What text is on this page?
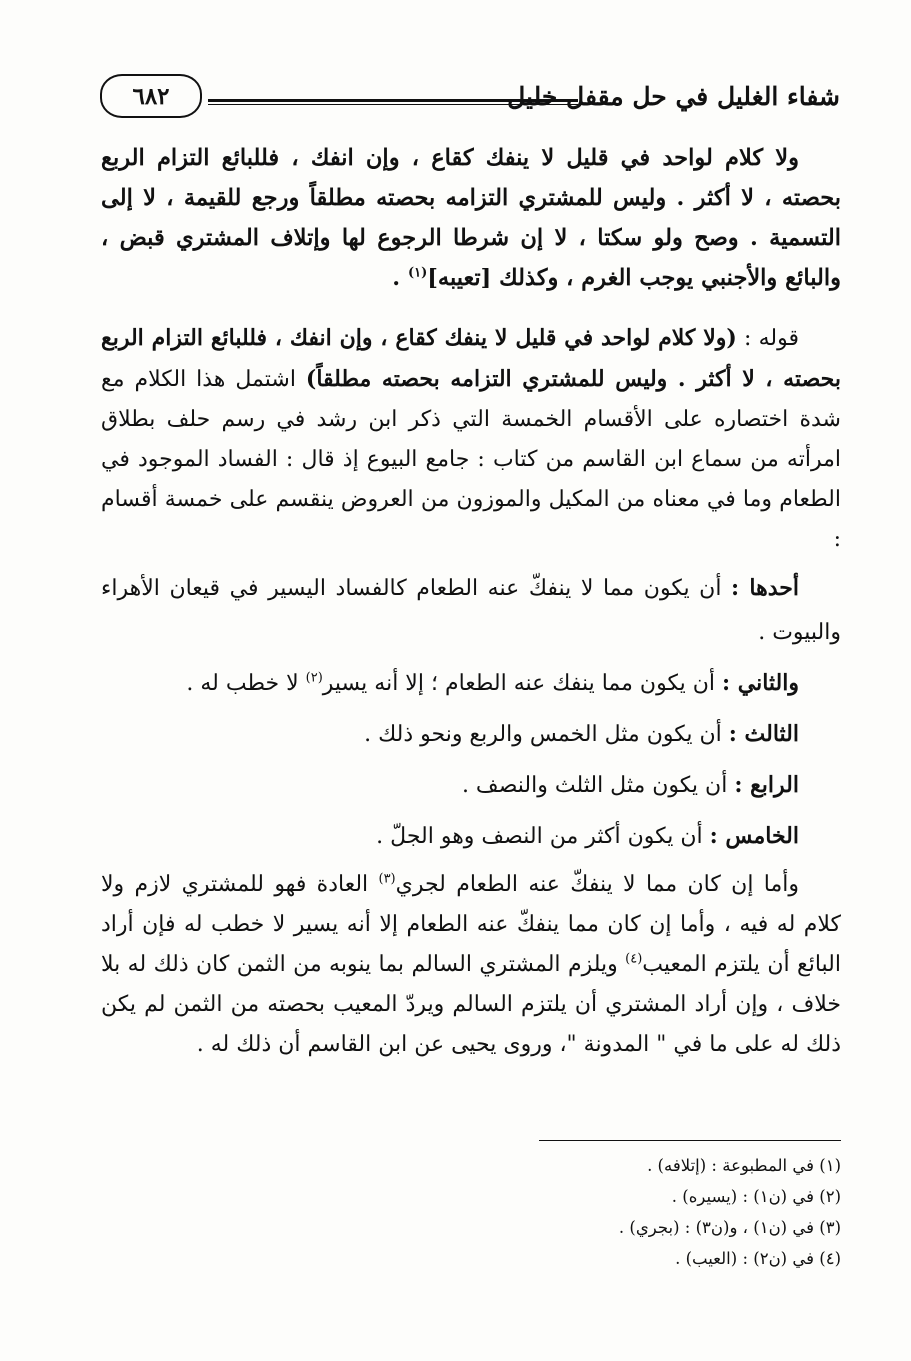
شفاء الغليل في حل مقفل خليل
٦٨٢

ولا كلام لواحد في قليل لا ينفك كقاع ، وإن انفك ، فللبائع التزام الربع بحصته ، لا أكثر . وليس للمشتري التزامه بحصته مطلقاً ورجع للقيمة ، لا إلى التسمية . وصح ولو سكتا ، لا إن شرطا الرجوع لها وإتلاف المشتري قبض ، والبائع والأجنبي يوجب الغرم ، وكذلك [تعيبه]$^{(١)}$ .

قوله : (ولا كلام لواحد في قليل لا ينفك كقاع ، وإن انفك ، فللبائع التزام الربع بحصته ، لا أكثر . وليس للمشتري التزامه بحصته مطلقاً) اشتمل هذا الكلام مع شدة اختصاره على الأقسام الخمسة التي ذكر ابن رشد في رسم حلف بطلاق امرأته من سماع ابن القاسم من كتاب : جامع البيوع إذ قال : الفساد الموجود في الطعام وما في معناه من المكيل والموزون من العروض ينقسم على خمسة أقسام :

أحدها : أن يكون مما لا ينفكّ عنه الطعام كالفساد اليسير في قيعان الأهراء والبيوت .

والثاني : أن يكون مما ينفك عنه الطعام ؛ إلا أنه يسير$^{(٢)}$ لا خطب له .

الثالث : أن يكون مثل الخمس والربع ونحو ذلك .

الرابع : أن يكون مثل الثلث والنصف .

الخامس : أن يكون أكثر من النصف وهو الجلّ .

وأما إن كان مما لا ينفكّ عنه الطعام لجري$^{(٣)}$ العادة فهو للمشتري لازم ولا كلام له فيه ، وأما إن كان مما ينفكّ عنه الطعام إلا أنه يسير لا خطب له فإن أراد البائع أن يلتزم المعيب$^{(٤)}$ ويلزم المشتري السالم بما ينوبه من الثمن كان ذلك له بلا خلاف ، وإن أراد المشتري أن يلتزم السالم ويردّ المعيب بحصته من الثمن لم يكن ذلك له على ما في " المدونة "، وروى يحيى عن ابن القاسم أن ذلك له .

(١) في المطبوعة : (إتلافه) .

(٢) في (ن١) : (يسيره) .

(٣) في (ن١) ، و(ن٣) : (بجري) .

(٤) في (ن٢) : (العيب) .
